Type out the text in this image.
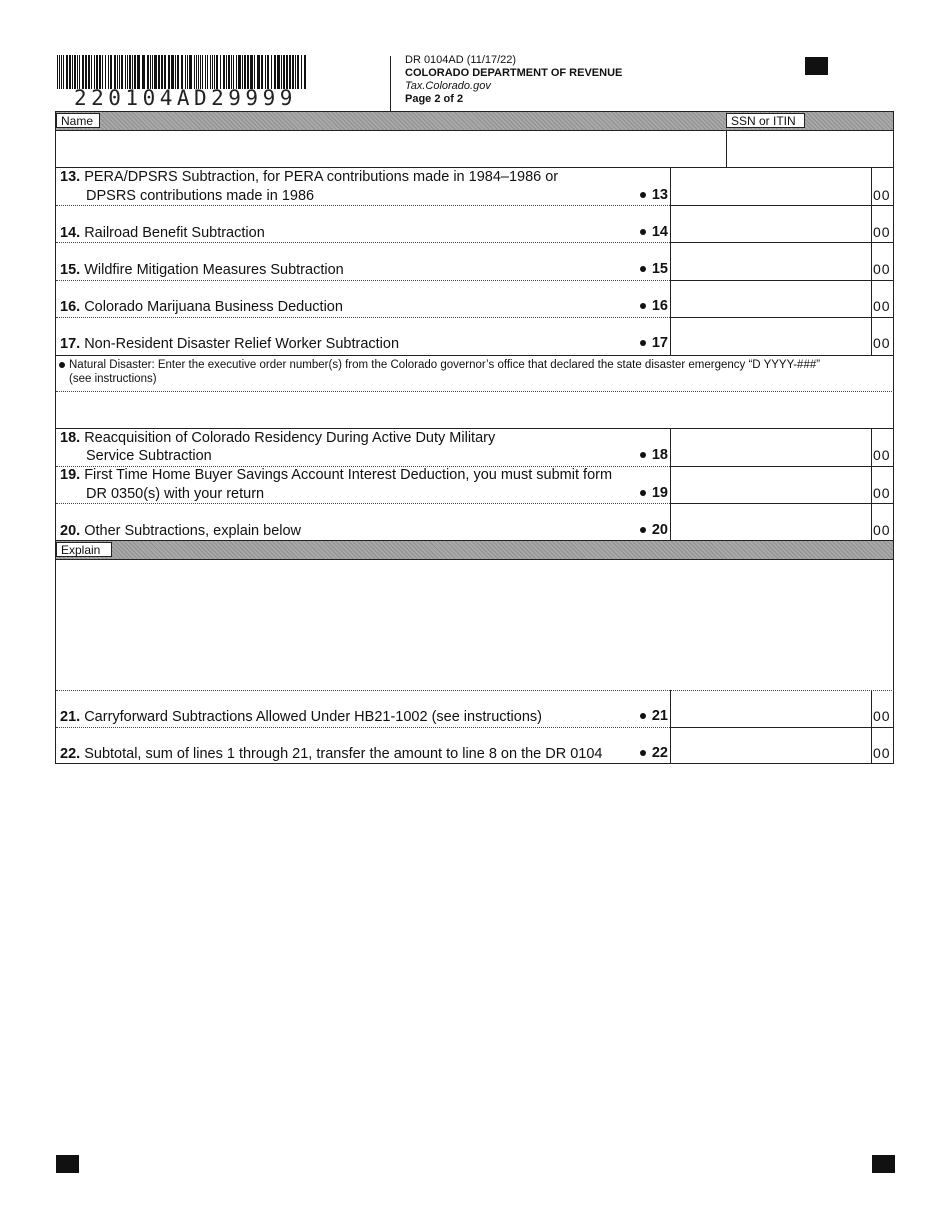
220104AD29999
DR 0104AD (11/17/22)
COLORADO DEPARTMENT OF REVENUE
Tax.Colorado.gov
Page 2 of 2
Name	SSN or ITIN
13. PERA/DPSRS Subtraction, for PERA contributions made in 1984–1986 or
DPSRS contributions made in 1986	13	00
14. Railroad Benefit Subtraction	14	00
15. Wildfire Mitigation Measures Subtraction	15	00
16. Colorado Marijuana Business Deduction	16	00
17. Non-Resident Disaster Relief Worker Subtraction	17	00
Natural Disaster: Enter the executive order number(s) from the Colorado governor’s office that declared the state disaster emergency “D YYYY-###”
(see instructions)
18. Reacquisition of Colorado Residency During Active Duty Military
Service Subtraction	18	00
19. First Time Home Buyer Savings Account Interest Deduction, you must submit form
DR 0350(s) with your return	19	00
20. Other Subtractions, explain below	20	00
Explain
21. Carryforward Subtractions Allowed Under HB21-1002 (see instructions)	21	00
22. Subtotal, sum of lines 1 through 21, transfer the amount to line 8 on the DR 0104	22	00
